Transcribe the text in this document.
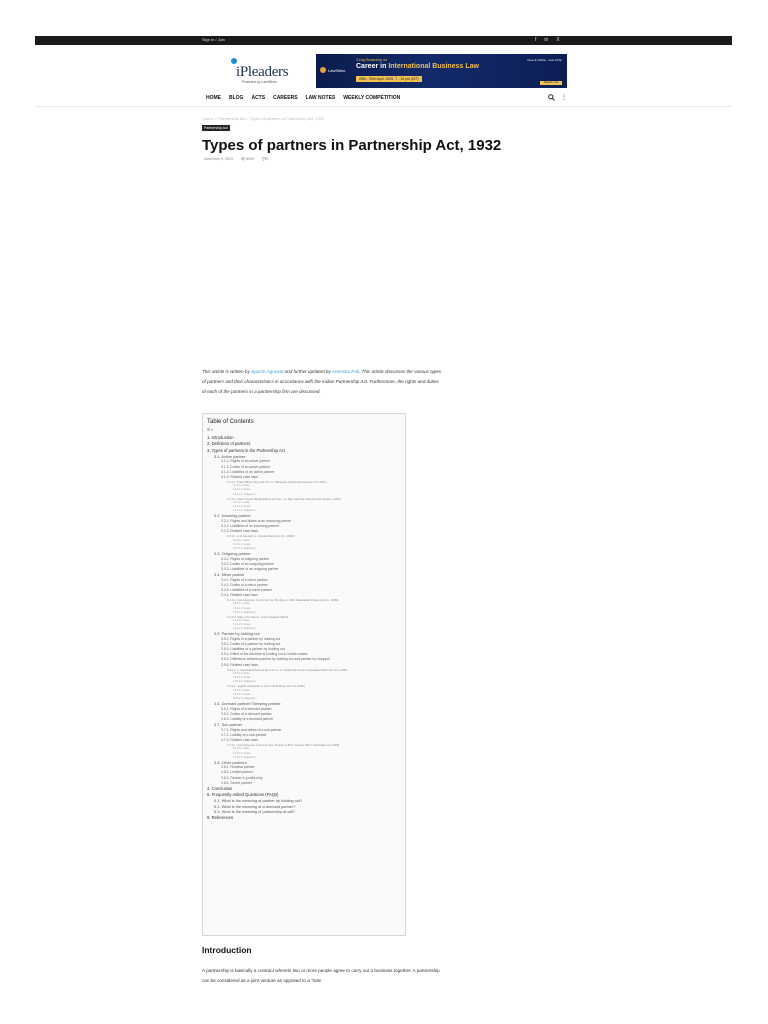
Sign in / Join	f in X
iPleaders
Powered by LawSikho
LawSikho
3-Day Bootcamp on
Career in International Business Law
28th - 30th April, 2025, 7 - 10 pm (IST)
Free & Online · Live Only!
Register now
HOME BLOG ACTS CAREERS LAW NOTES WEEKLY COMPETITION	⋮
Home > Partnership Act > Types of partners in Partnership Act, 1932
Partnership Act
Types of partners in Partnership Act, 1932
November 5, 2024 👁 8096 💬0

This article is written by Sparsh Agrawal and further updated by Aneesha Pall. This article discusses the various types of partners and their characteristics in accordance with the Indian Partnership Act. Furthermore, the rights and duties of each of the partners in a partnership firm are discussed.

Table of Contents
☰ ▾
1. Introduction
2. Definition of partners
3. Types of partners in the Partnership Act
3.1. Active partner
3.1.1. Rights of an active partner
3.1.2. Duties of an active partner
3.1.3. Liabilities of an active partner
3.1.4. Related case laws
3.1.4.1. Pratis Bihary Roy and Ors vs. Mahendra Chandraghosal and Ors (1951)
3.1.4.1.1. Facts
3.1.4.1.2. Issues
3.1.4.1.3. Judgement
3.1.4.2. Sashi Kumar Bandopadhya and Ors. vs. Nan Gobinda Chandra and Another (1959)
3.1.4.2.1. Facts
3.1.4.2.2. Issues
3.1.4.2.3. Judgement
3.2. Incoming partner
3.2.1. Rights and duties of an incoming partner
3.2.2. Liabilities of an incoming partner
3.2.3. Related case laws
3.2.3.1. H.H Devaiah vs. Canara Bank and Ors. (2002)
3.2.3.1.1. Facts
3.2.3.1.2. Issues
3.2.3.1.3. Judgement
3.3. Outgoing partner
3.3.1. Rights of outgoing partner
3.3.2. Duties of an outgoing partner
3.3.3. Liabilities of an outgoing partner
3.4. Minor partner
3.4.1. Rights of a minor partner
3.4.2. Duties of a minor partner
3.4.3. Liabilities of a minor partner
3.4.4. Related case laws
3.4.4.1. Commissioner of Income Tax, Bombay vs. M/S Dwarkadas Khetan and Co. (1960)
3.4.4.1.1. Facts
3.4.4.1.2. Issues
3.4.4.1.3. Judgement
3.4.4.2. State of Kerala vs. Laurel Vasanth (2012)
3.4.4.2.1. Facts
3.4.4.2.2. Issues
3.4.4.2.3. Judgement
3.5. Partner by holding out
3.5.1. Rights of a partner by holding out
3.5.2. Duties of a partner by holding out
3.5.3. Liabilities of a partner by holding out
3.5.4. Effect of the doctrine of holding out in certain cases
3.5.5. Difference between partner by holding out and partner by estoppel
3.5.6. Related case laws
3.5.6.1. V. Venkatasubbamma and Ors vs. S. Subba Rao Nursu Venkataram Bedi and Ors (1955)
3.5.6.1.1. Facts
3.5.6.1.2. Issues
3.5.6.1.3. Judgement
3.5.6.2. Jagdish Nandiyak vs. Kas Chand Birge and Ors (1981)
3.5.6.2.1. Facts
3.5.6.2.2. Issues
3.5.6.2.3. Judgement
3.6. Dormant partner/ Sleeping partner
3.6.1. Rights of a dormant partner
3.6.2. Duties of a dormant partner
3.6.3. Liability of a dormant partner
3.7. Sub-partner
3.7.1. Rights and duties of a sub-partner
3.7.2. Liability of a sub-partner
3.7.3. Related case laws
3.7.3.1. Commissioner of Income Tax, Punjab vs M/S. Chander Bhan Harbhajan Lal (1965)
3.7.3.1.1. Facts
3.7.3.1.2. Issues
3.7.3.1.3. Judgement
3.8. Other partners
3.8.1. Nominal partner
3.8.2. Limited partner
3.8.3. Partner in profits only
3.8.4. Secret partner
4. Conclusion
5. Frequently Asked Questions (FAQs)
5.1. What is the meaning of partner by holding out?
5.2. What is the meaning of a dormant partner?
5.3. What is the meaning of partnership at will?
6. References
Introduction

A partnership is basically a contract wherein two or more people agree to carry out a business together. A partnership can be considered as a joint venture as opposed to a "sole
